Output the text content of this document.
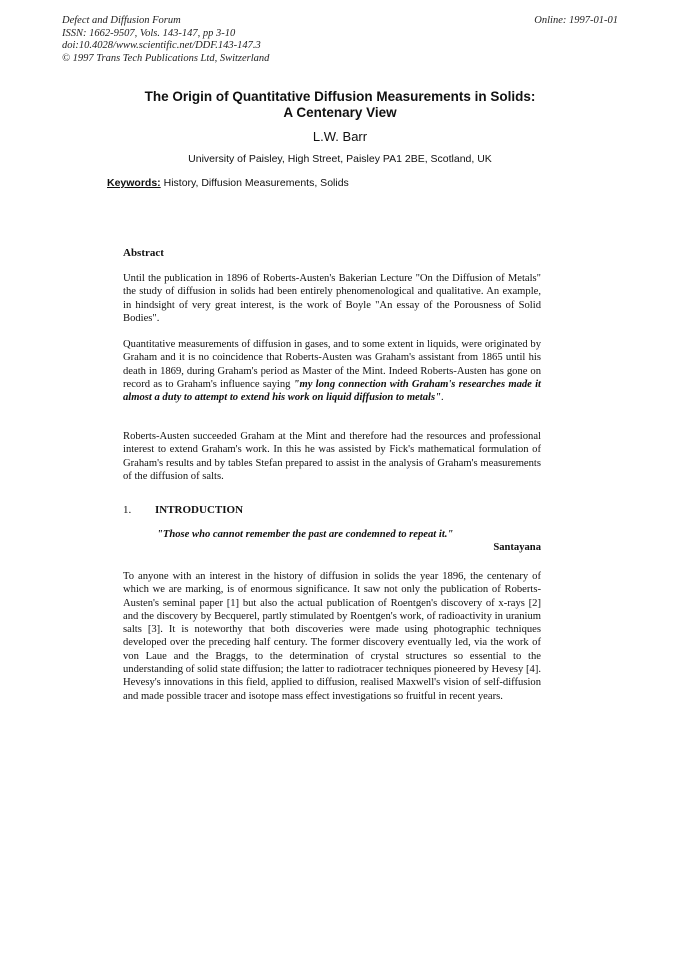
Defect and Diffusion Forum
ISSN: 1662-9507, Vols. 143-147, pp 3-10
doi:10.4028/www.scientific.net/DDF.143-147.3
© 1997 Trans Tech Publications Ltd, Switzerland
Online: 1997-01-01
The Origin of Quantitative Diffusion Measurements in Solids:
A Centenary View
L.W. Barr
University of Paisley, High Street, Paisley PA1 2BE, Scotland, UK
Keywords: History, Diffusion Measurements, Solids
Abstract
Until the publication in 1896 of Roberts-Austen's Bakerian Lecture "On the Diffusion of Metals" the study of diffusion in solids had been entirely phenomenological and qualitative. An example, in hindsight of very great interest, is the work of Boyle "An essay of the Porousness of Solid Bodies".
Quantitative measurements of diffusion in gases, and to some extent in liquids, were originated by Graham and it is no coincidence that Roberts-Austen was Graham's assistant from 1865 until his death in 1869, during Graham's period as Master of the Mint. Indeed Roberts-Austen has gone on record as to Graham's influence saying "my long connection with Graham's researches made it almost a duty to attempt to extend his work on liquid diffusion to metals".
Roberts-Austen succeeded Graham at the Mint and therefore had the resources and professional interest to extend Graham's work. In this he was assisted by Fick's mathematical formulation of Graham's results and by tables Stefan prepared to assist in the analysis of Graham's measurements of the diffusion of salts.
1. INTRODUCTION
"Those who cannot remember the past are condemned to repeat it."
Santayana
To anyone with an interest in the history of diffusion in solids the year 1896, the centenary of which we are marking, is of enormous significance. It saw not only the publication of Roberts-Austen's seminal paper [1] but also the actual publication of Roentgen's discovery of x-rays [2] and the discovery by Becquerel, partly stimulated by Roentgen's work, of radioactivity in uranium salts [3]. It is noteworthy that both discoveries were made using photographic techniques developed over the preceding half century. The former discovery eventually led, via the work of von Laue and the Braggs, to the determination of crystal structures so essential to the understanding of solid state diffusion; the latter to radiotracer techniques pioneered by Hevesy [4]. Hevesy's innovations in this field, applied to diffusion, realised Maxwell's vision of self-diffusion and made possible tracer and isotope mass effect investigations so fruitful in recent years.
